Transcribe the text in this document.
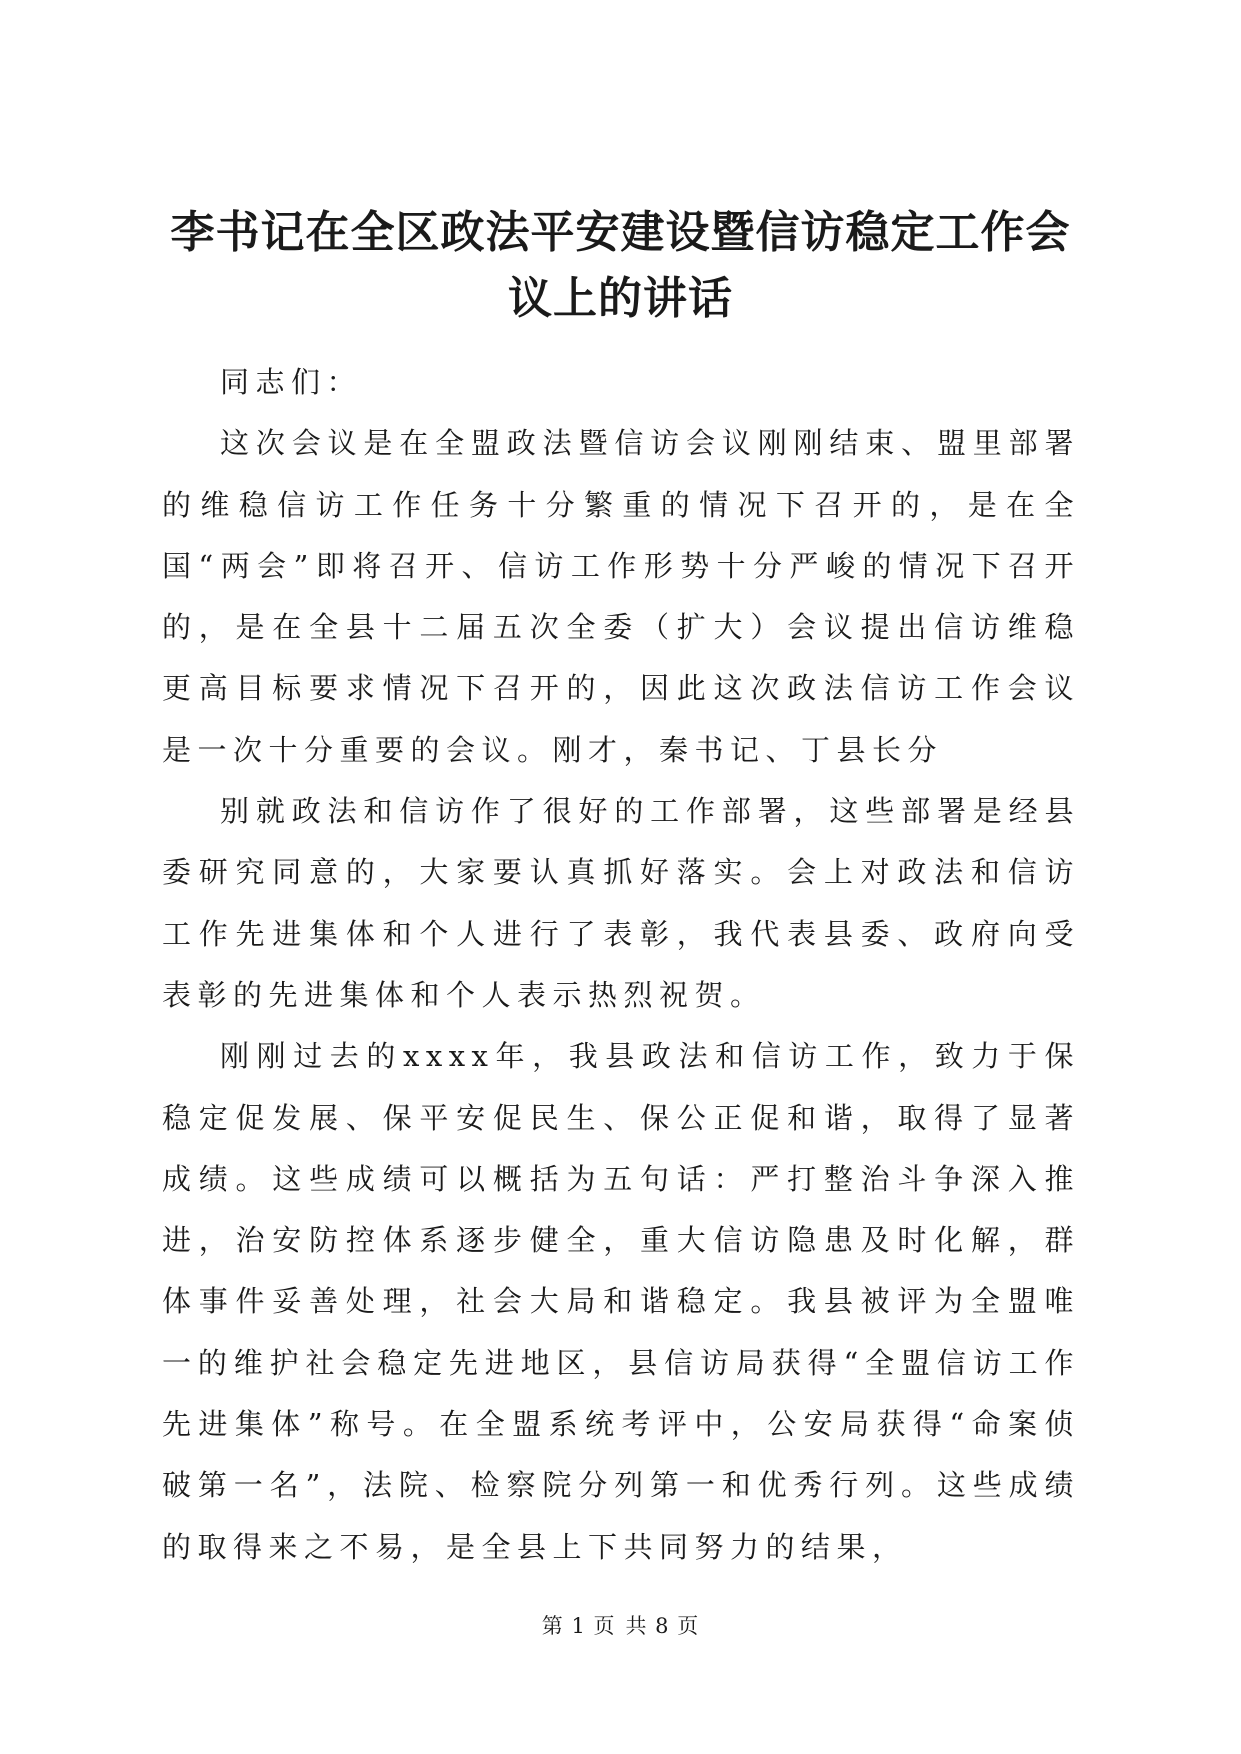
李书记在全区政法平安建设暨信访稳定工作会
议上的讲话

同志们：

这次会议是在全盟政法暨信访会议刚刚结束、盟里部署的维稳信访工作任务十分繁重的情况下召开的，是在全国“两会”即将召开、信访工作形势十分严峻的情况下召开的，是在全县十二届五次全委（扩大）会议提出信访维稳更高目标要求情况下召开的，因此这次政法信访工作会议是一次十分重要的会议。刚才，秦书记、丁县长分

别就政法和信访作了很好的工作部署，这些部署是经县委研究同意的，大家要认真抓好落实。会上对政法和信访工作先进集体和个人进行了表彰，我代表县委、政府向受表彰的先进集体和个人表示热烈祝贺。

刚刚过去的xxxx年，我县政法和信访工作，致力于保稳定促发展、保平安促民生、保公正促和谐，取得了显著成绩。这些成绩可以概括为五句话：严打整治斗争深入推进，治安防控体系逐步健全，重大信访隐患及时化解，群体事件妥善处理，社会大局和谐稳定。我县被评为全盟唯一的维护社会稳定先进地区，县信访局获得“全盟信访工作先进集体”称号。在全盟系统考评中，公安局获得“命案侦破第一名”，法院、检察院分列第一和优秀行列。这些成绩的取得来之不易，是全县上下共同努力的结果，

第 1 页 共 8 页
